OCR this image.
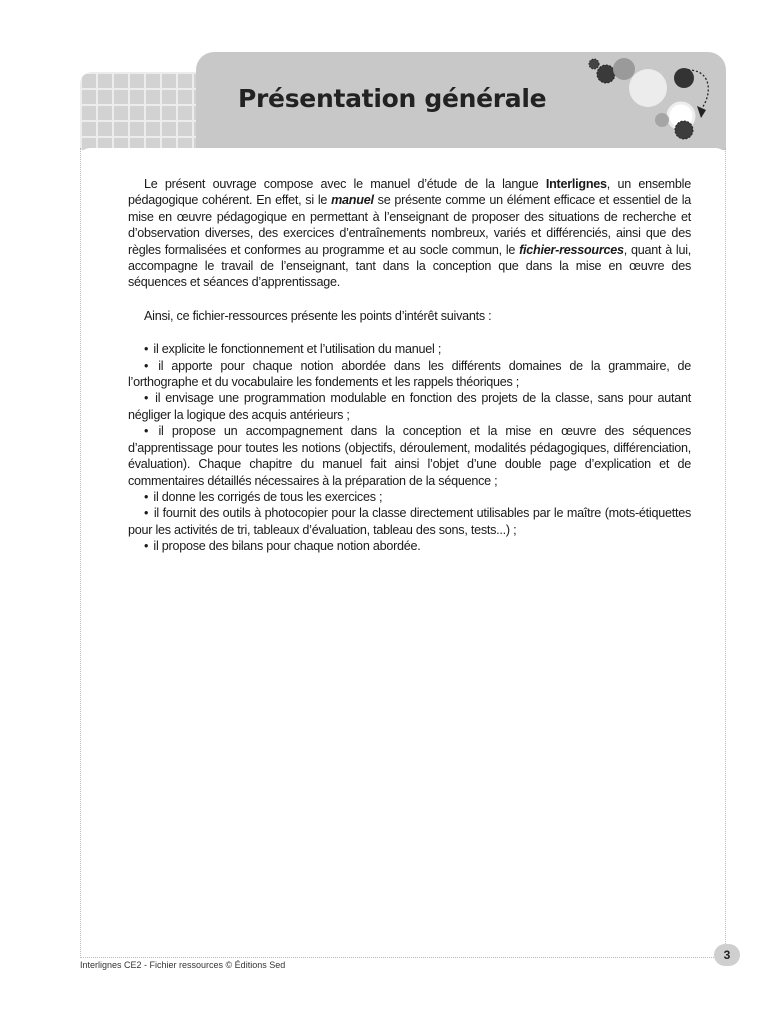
Présentation générale

Le présent ouvrage compose avec le manuel d’étude de la langue Interlignes, un ensemble pédagogique cohérent. En effet, si le manuel se présente comme un élément efficace et essentiel de la mise en œuvre pédagogique en permettant à l’enseignant de proposer des situations de recherche et d’observation diverses, des exercices d’entraînements nombreux, variés et différenciés, ainsi que des règles formalisées et conformes au programme et au socle commun, le fichier-ressources, quant à lui, accompagne le travail de l’enseignant, tant dans la conception que dans la mise en œuvre des séquences et séances d’apprentissage.

Ainsi, ce fichier-ressources présente les points d’intérêt suivants :

• il explicite le fonctionnement et l’utilisation du manuel ;

• il apporte pour chaque notion abordée dans les différents domaines de la grammaire, de l’orthographe et du vocabulaire les fondements et les rappels théoriques ;

• il envisage une programmation modulable en fonction des projets de la classe, sans pour autant négliger la logique des acquis antérieurs ;

• il propose un accompagnement dans la conception et la mise en œuvre des séquences d’apprentissage pour toutes les notions (objectifs, déroulement, modalités pédagogiques, différenciation, évaluation). Chaque chapitre du manuel fait ainsi l’objet d’une double page d’explication et de commentaires détaillés nécessaires à la préparation de la séquence ;

• il donne les corrigés de tous les exercices ;

• il fournit des outils à photocopier pour la classe directement utilisables par le maître (mots-étiquettes pour les activités de tri, tableaux d’évaluation, tableau des sons, tests...) ;

• il propose des bilans pour chaque notion abordée.

Interlignes CE2 - Fichier ressources © Éditions Sed
3
